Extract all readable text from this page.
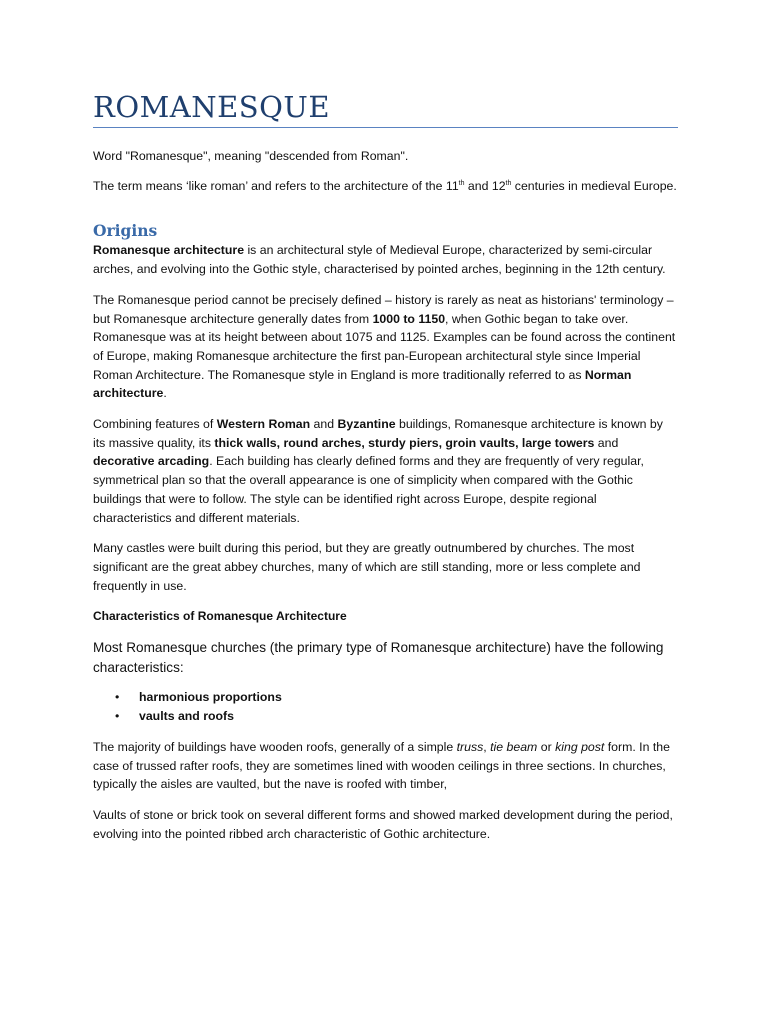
ROMANESQUE

Word "Romanesque", meaning "descended from Roman".

The term means ‘like roman’ and refers to the architecture of the 11th and 12th centuries in medieval Europe.

Origins

Romanesque architecture is an architectural style of Medieval Europe, characterized by semi-circular arches, and evolving into the Gothic style, characterised by pointed arches, beginning in the 12th century.

The Romanesque period cannot be precisely defined – history is rarely as neat as historians' terminology – but Romanesque architecture generally dates from 1000 to 1150, when Gothic began to take over. Romanesque was at its height between about 1075 and 1125. Examples can be found across the continent of Europe, making Romanesque architecture the first pan-European architectural style since Imperial Roman Architecture. The Romanesque style in England is more traditionally referred to as Norman architecture.

Combining features of Western Roman and Byzantine buildings, Romanesque architecture is known by its massive quality, its thick walls, round arches, sturdy piers, groin vaults, large towers and decorative arcading. Each building has clearly defined forms and they are frequently of very regular, symmetrical plan so that the overall appearance is one of simplicity when compared with the Gothic buildings that were to follow. The style can be identified right across Europe, despite regional characteristics and different materials.

Many castles were built during this period, but they are greatly outnumbered by churches. The most significant are the great abbey churches, many of which are still standing, more or less complete and frequently in use.

Characteristics of Romanesque Architecture

Most Romanesque churches (the primary type of Romanesque architecture) have the following characteristics:

• harmonious proportions
• vaults and roofs

The majority of buildings have wooden roofs, generally of a simple truss, tie beam or king post form. In the case of trussed rafter roofs, they are sometimes lined with wooden ceilings in three sections. In churches, typically the aisles are vaulted, but the nave is roofed with timber,

Vaults of stone or brick took on several different forms and showed marked development during the period, evolving into the pointed ribbed arch characteristic of Gothic architecture.
